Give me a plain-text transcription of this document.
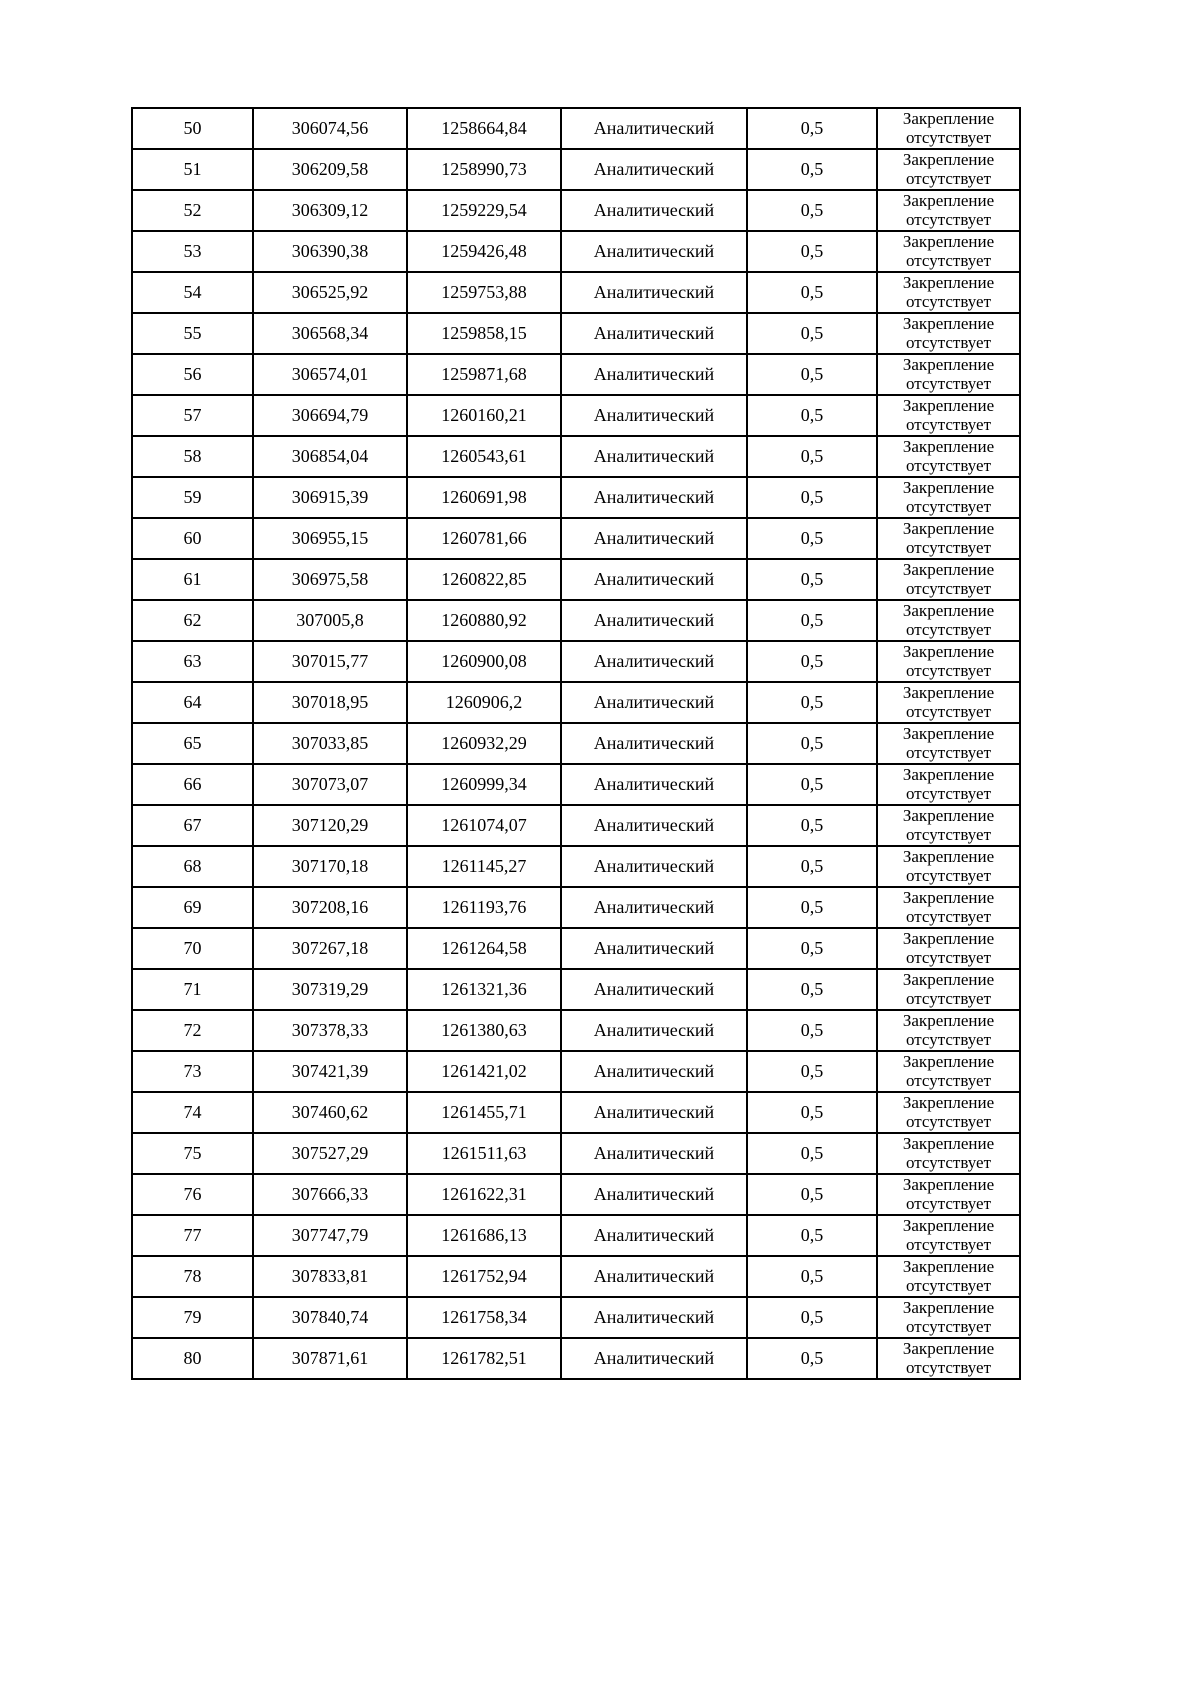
50	306074,56	1258664,84	Аналитический	0,5	Закрепление отсутствует
51	306209,58	1258990,73	Аналитический	0,5	Закрепление отсутствует
52	306309,12	1259229,54	Аналитический	0,5	Закрепление отсутствует
53	306390,38	1259426,48	Аналитический	0,5	Закрепление отсутствует
54	306525,92	1259753,88	Аналитический	0,5	Закрепление отсутствует
55	306568,34	1259858,15	Аналитический	0,5	Закрепление отсутствует
56	306574,01	1259871,68	Аналитический	0,5	Закрепление отсутствует
57	306694,79	1260160,21	Аналитический	0,5	Закрепление отсутствует
58	306854,04	1260543,61	Аналитический	0,5	Закрепление отсутствует
59	306915,39	1260691,98	Аналитический	0,5	Закрепление отсутствует
60	306955,15	1260781,66	Аналитический	0,5	Закрепление отсутствует
61	306975,58	1260822,85	Аналитический	0,5	Закрепление отсутствует
62	307005,8	1260880,92	Аналитический	0,5	Закрепление отсутствует
63	307015,77	1260900,08	Аналитический	0,5	Закрепление отсутствует
64	307018,95	1260906,2	Аналитический	0,5	Закрепление отсутствует
65	307033,85	1260932,29	Аналитический	0,5	Закрепление отсутствует
66	307073,07	1260999,34	Аналитический	0,5	Закрепление отсутствует
67	307120,29	1261074,07	Аналитический	0,5	Закрепление отсутствует
68	307170,18	1261145,27	Аналитический	0,5	Закрепление отсутствует
69	307208,16	1261193,76	Аналитический	0,5	Закрепление отсутствует
70	307267,18	1261264,58	Аналитический	0,5	Закрепление отсутствует
71	307319,29	1261321,36	Аналитический	0,5	Закрепление отсутствует
72	307378,33	1261380,63	Аналитический	0,5	Закрепление отсутствует
73	307421,39	1261421,02	Аналитический	0,5	Закрепление отсутствует
74	307460,62	1261455,71	Аналитический	0,5	Закрепление отсутствует
75	307527,29	1261511,63	Аналитический	0,5	Закрепление отсутствует
76	307666,33	1261622,31	Аналитический	0,5	Закрепление отсутствует
77	307747,79	1261686,13	Аналитический	0,5	Закрепление отсутствует
78	307833,81	1261752,94	Аналитический	0,5	Закрепление отсутствует
79	307840,74	1261758,34	Аналитический	0,5	Закрепление отсутствует
80	307871,61	1261782,51	Аналитический	0,5	Закрепление отсутствует
